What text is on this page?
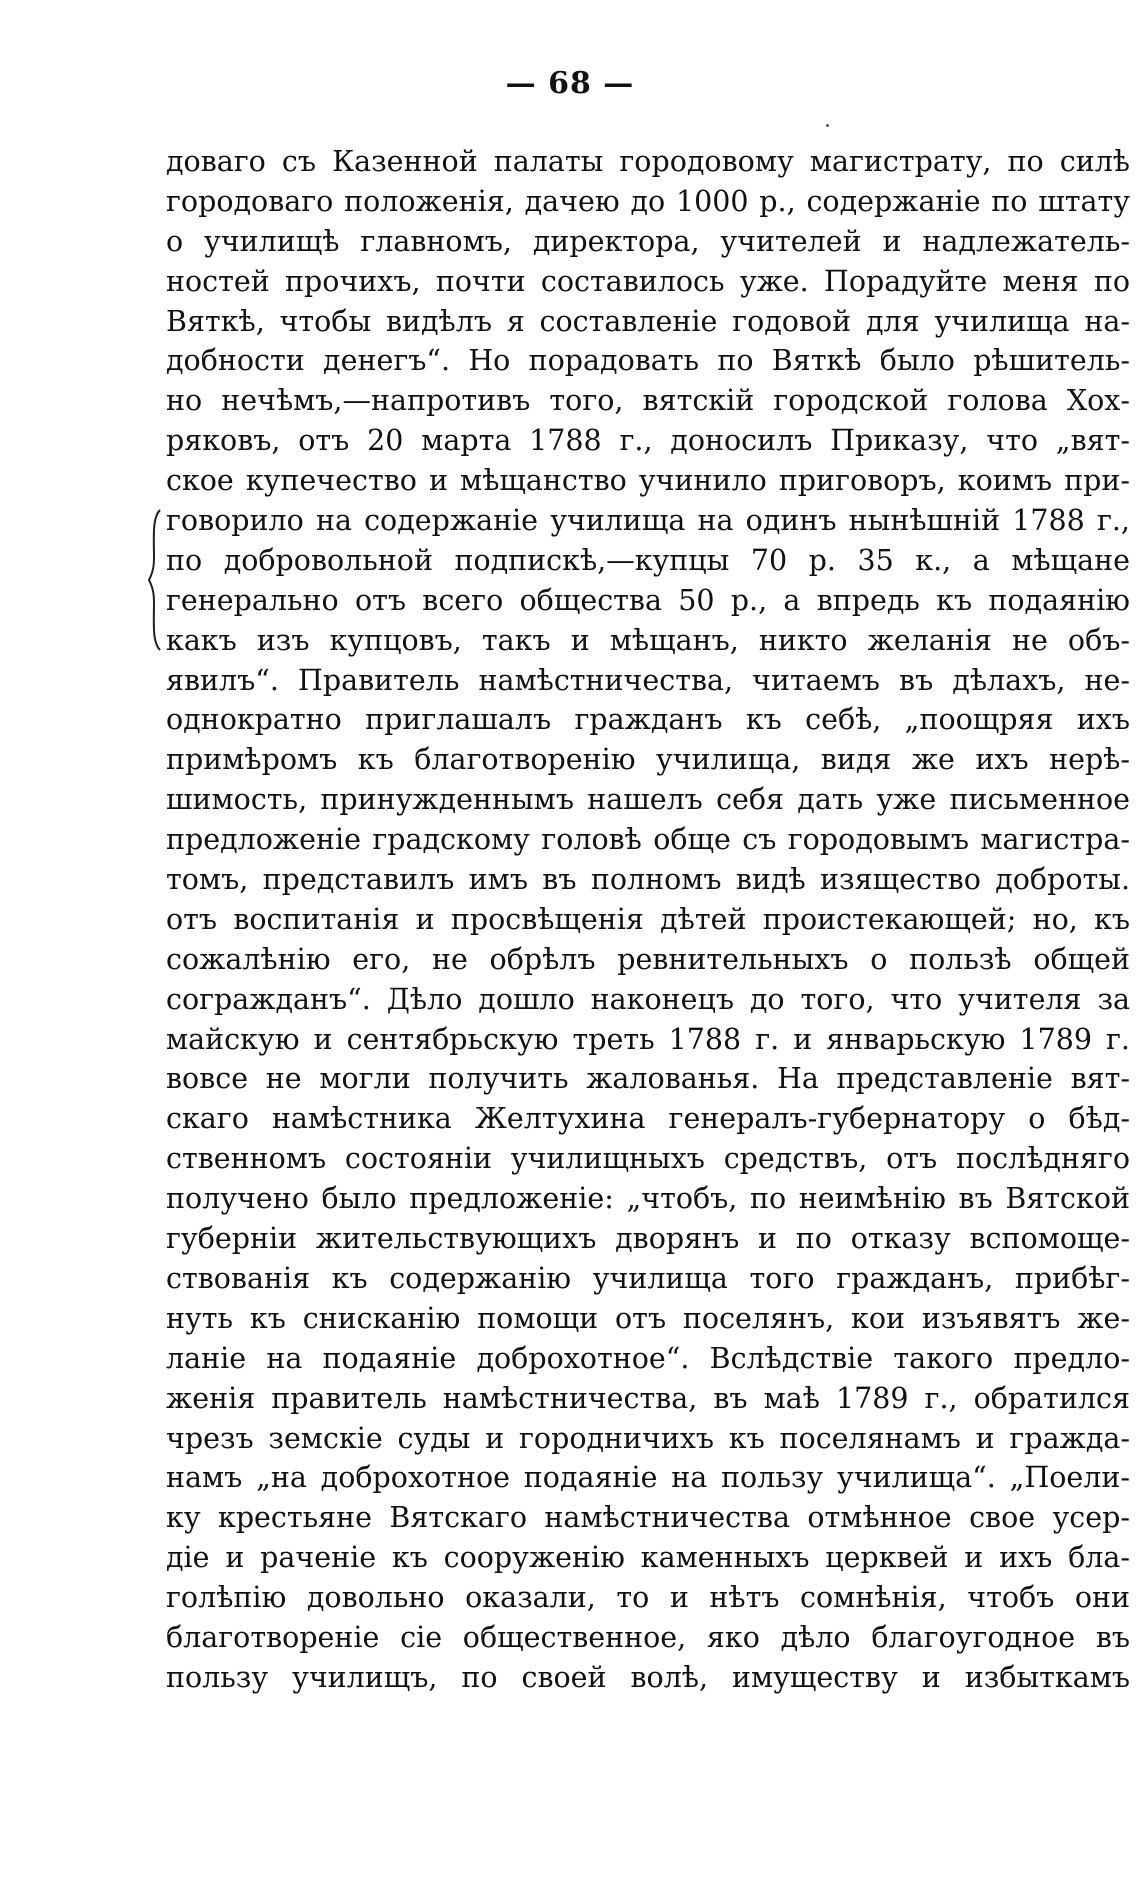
— 68 —
доваго съ Казенной палаты городовому магистрату, по силѣ
городоваго положенія, дачею до 1000 р., содержаніе по штату
о училищѣ главномъ, директора, учителей и надлежатель-
ностей прочихъ, почти составилось уже. Порадуйте меня по
Вяткѣ, чтобы видѣлъ я составленіе годовой для училища на-
добности денегъ“. Но порадовать по Вяткѣ было рѣшитель-
но нечѣмъ,—напротивъ того, вятскій городской голова Хох-
ряковъ, отъ 20 марта 1788 г., доносилъ Приказу, что „вят-
ское купечество и мѣщанство учинило приговоръ, коимъ при-
говорило на содержаніе училища на одинъ нынѣшній 1788 г.,
по добровольной подпискѣ,—купцы 70 р. 35 к., а мѣщане
генерально отъ всего общества 50 р., а впредь къ подаянію
какъ изъ купцовъ, такъ и мѣщанъ, никто желанія не объ-
явилъ“. Правитель намѣстничества, читаемъ въ дѣлахъ, не-
однократно приглашалъ гражданъ къ себѣ, „поощряя ихъ
примѣромъ къ благотворенію училища, видя же ихъ нерѣ-
шимость, принужденнымъ нашелъ себя дать уже письменное
предложеніе градскому головѣ обще съ городовымъ магистра-
томъ, представилъ имъ въ полномъ видѣ изящество доброты.
отъ воспитанія и просвѣщенія дѣтей проистекающей; но, къ
сожалѣнію его, не обрѣлъ ревнительныхъ о пользѣ общей
согражданъ“. Дѣло дошло наконецъ до того, что учителя за
майскую и сентябрьскую треть 1788 г. и январьскую 1789 г.
вовсе не могли получить жалованья. На представленіе вят-
скаго намѣстника Желтухина генералъ-губернатору о бѣд-
ственномъ состояніи училищныхъ средствъ, отъ послѣдняго
получено было предложеніе: „чтобъ, по неимѣнію въ Вятской
губерніи жительствующихъ дворянъ и по отказу вспомоще-
ствованія къ содержанію училища того гражданъ, прибѣг-
нуть къ снисканію помощи отъ поселянъ, кои изъявятъ же-
ланіе на подаяніе доброхотное“. Вслѣдствіе такого предло-
женія правитель намѣстничества, въ маѣ 1789 г., обратился
чрезъ земскіе суды и городничихъ къ поселянамъ и гражда-
намъ „на доброхотное подаяніе на пользу училища“. „Поели-
ку крестьяне Вятскаго намѣстничества отмѣнное свое усер-
діе и раченіе къ сооруженію каменныхъ церквей и ихъ бла-
голѣпію довольно оказали, то и нѣтъ сомнѣнія, чтобъ они
благотвореніе сіе общественное, яко дѣло благоугодное въ
пользу училищъ, по своей волѣ, имуществу и избыткамъ
